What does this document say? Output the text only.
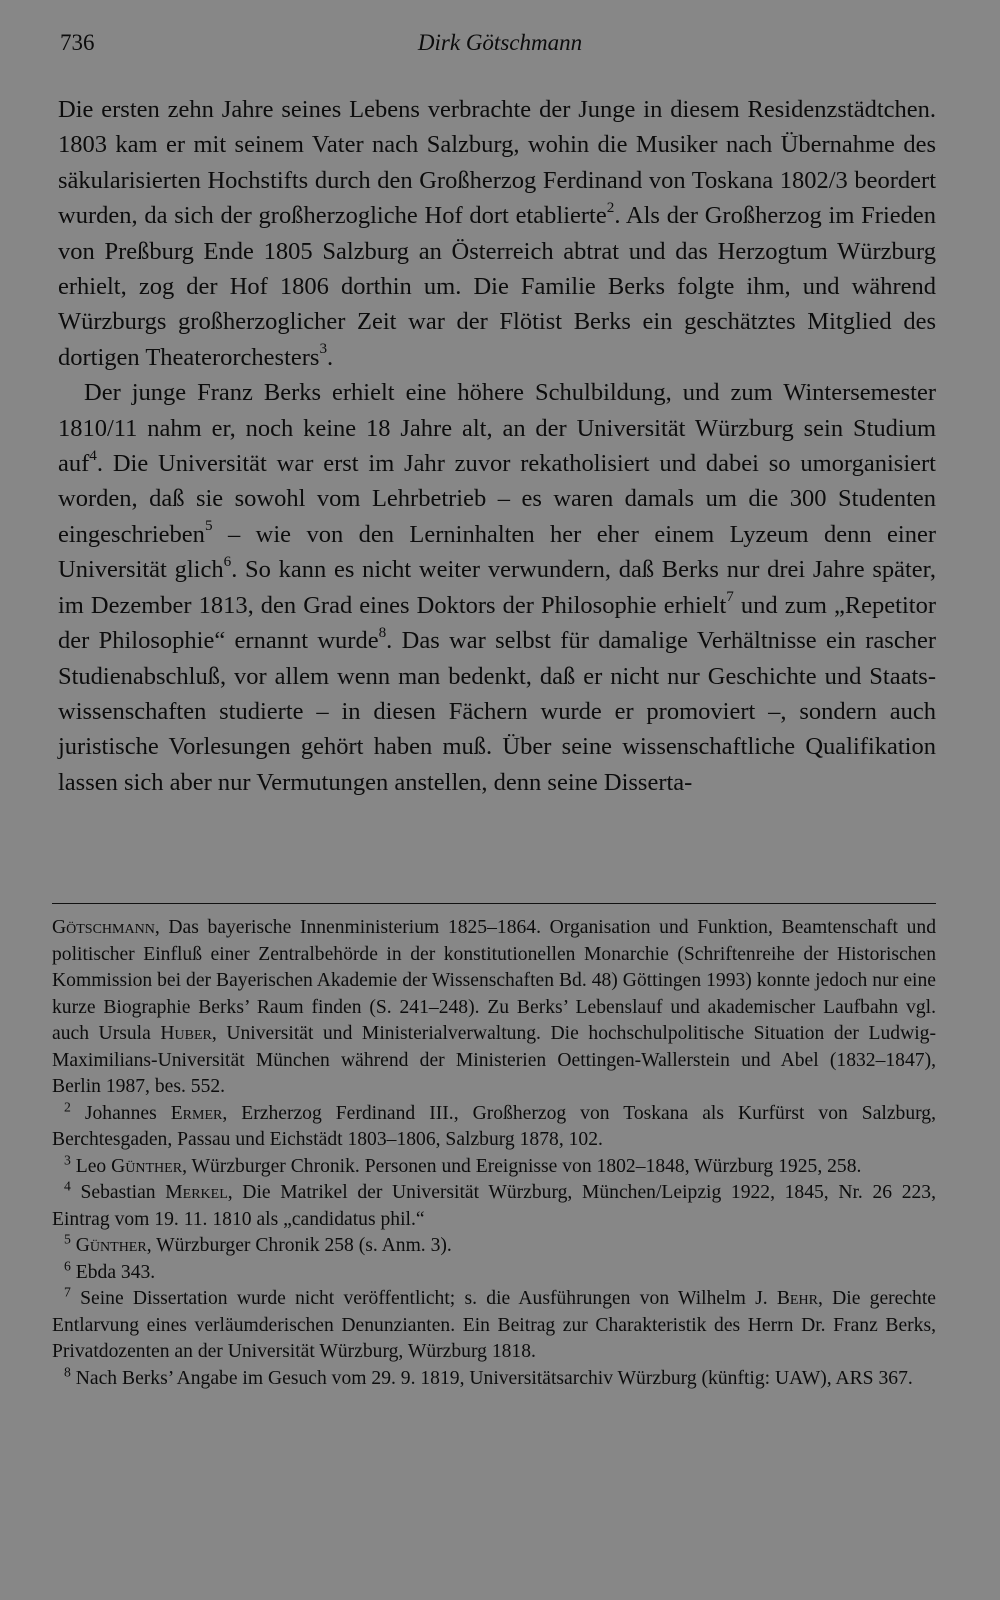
736	Dirk Götschmann

Die ersten zehn Jahre seines Lebens verbrachte der Junge in diesem Residenzstädtchen. 1803 kam er mit seinem Vater nach Salzburg, wohin die Musiker nach Übernahme des säkularisierten Hochstifts durch den Großherzog Ferdinand von Toskana 1802/3 beordert wurden, da sich der großherzogliche Hof dort etablierte$^2$. Als der Großherzog im Frieden von Preßburg Ende 1805 Salzburg an Österreich abtrat und das Herzogtum Würzburg erhielt, zog der Hof 1806 dorthin um. Die Familie Berks folgte ihm, und während Würzburgs großherzoglicher Zeit war der Flötist Berks ein geschätztes Mitglied des dortigen Theaterorchesters$^3$.

Der junge Franz Berks erhielt eine höhere Schulbildung, und zum Wintersemester 1810/11 nahm er, noch keine 18 Jahre alt, an der Universität Würzburg sein Studium auf$^4$. Die Universität war erst im Jahr zuvor rekatholisiert und dabei so umorganisiert worden, daß sie sowohl vom Lehrbetrieb – es waren damals um die 300 Studenten eingeschrieben$^5$ – wie von den Lerninhalten her eher einem Lyzeum denn einer Universität glich$^6$. So kann es nicht weiter verwundern, daß Berks nur drei Jahre später, im Dezember 1813, den Grad eines Doktors der Philosophie erhielt$^7$ und zum „Repetitor der Philosophie“ ernannt wurde$^8$. Das war selbst für damalige Verhältnisse ein rascher Studienabschluß, vor allem wenn man bedenkt, daß er nicht nur Geschichte und Staatswissenschaften studierte – in diesen Fächern wurde er promoviert –, sondern auch juristische Vorlesungen gehört haben muß. Über seine wissenschaftliche Qualifikation lassen sich aber nur Vermutungen anstellen, denn seine Disserta-

Götschmann, Das bayerische Innenministerium 1825–1864. Organisation und Funktion, Beamtenschaft und politischer Einfluß einer Zentralbehörde in der konstitutionellen Monarchie (Schriftenreihe der Historischen Kommission bei der Bayerischen Akademie der Wissenschaften Bd. 48) Göttingen 1993) konnte jedoch nur eine kurze Biographie Berks’ Raum finden (S. 241–248). Zu Berks’ Lebenslauf und akademischer Laufbahn vgl. auch Ursula Huber, Universität und Ministerialverwaltung. Die hochschulpolitische Situation der Ludwig-Maximilians-Universität München während der Ministerien Oettingen-Wallerstein und Abel (1832–1847), Berlin 1987, bes. 552.

$^2$ Johannes Ermer, Erzherzog Ferdinand III., Großherzog von Toskana als Kurfürst von Salzburg, Berchtesgaden, Passau und Eichstädt 1803–1806, Salzburg 1878, 102.

$^3$ Leo Günther, Würzburger Chronik. Personen und Ereignisse von 1802–1848, Würzburg 1925, 258.

$^4$ Sebastian Merkel, Die Matrikel der Universität Würzburg, München/Leipzig 1922, 1845, Nr. 26 223, Eintrag vom 19. 11. 1810 als „candidatus phil.“

$^5$ Günther, Würzburger Chronik 258 (s. Anm. 3).

$^6$ Ebda 343.

$^7$ Seine Dissertation wurde nicht veröffentlicht; s. die Ausführungen von Wilhelm J. Behr, Die gerechte Entlarvung eines verläumderischen Denunzianten. Ein Beitrag zur Charakteristik des Herrn Dr. Franz Berks, Privatdozenten an der Universität Würzburg, Würzburg 1818.

$^8$ Nach Berks’ Angabe im Gesuch vom 29. 9. 1819, Universitätsarchiv Würzburg (künftig: UAW), ARS 367.
